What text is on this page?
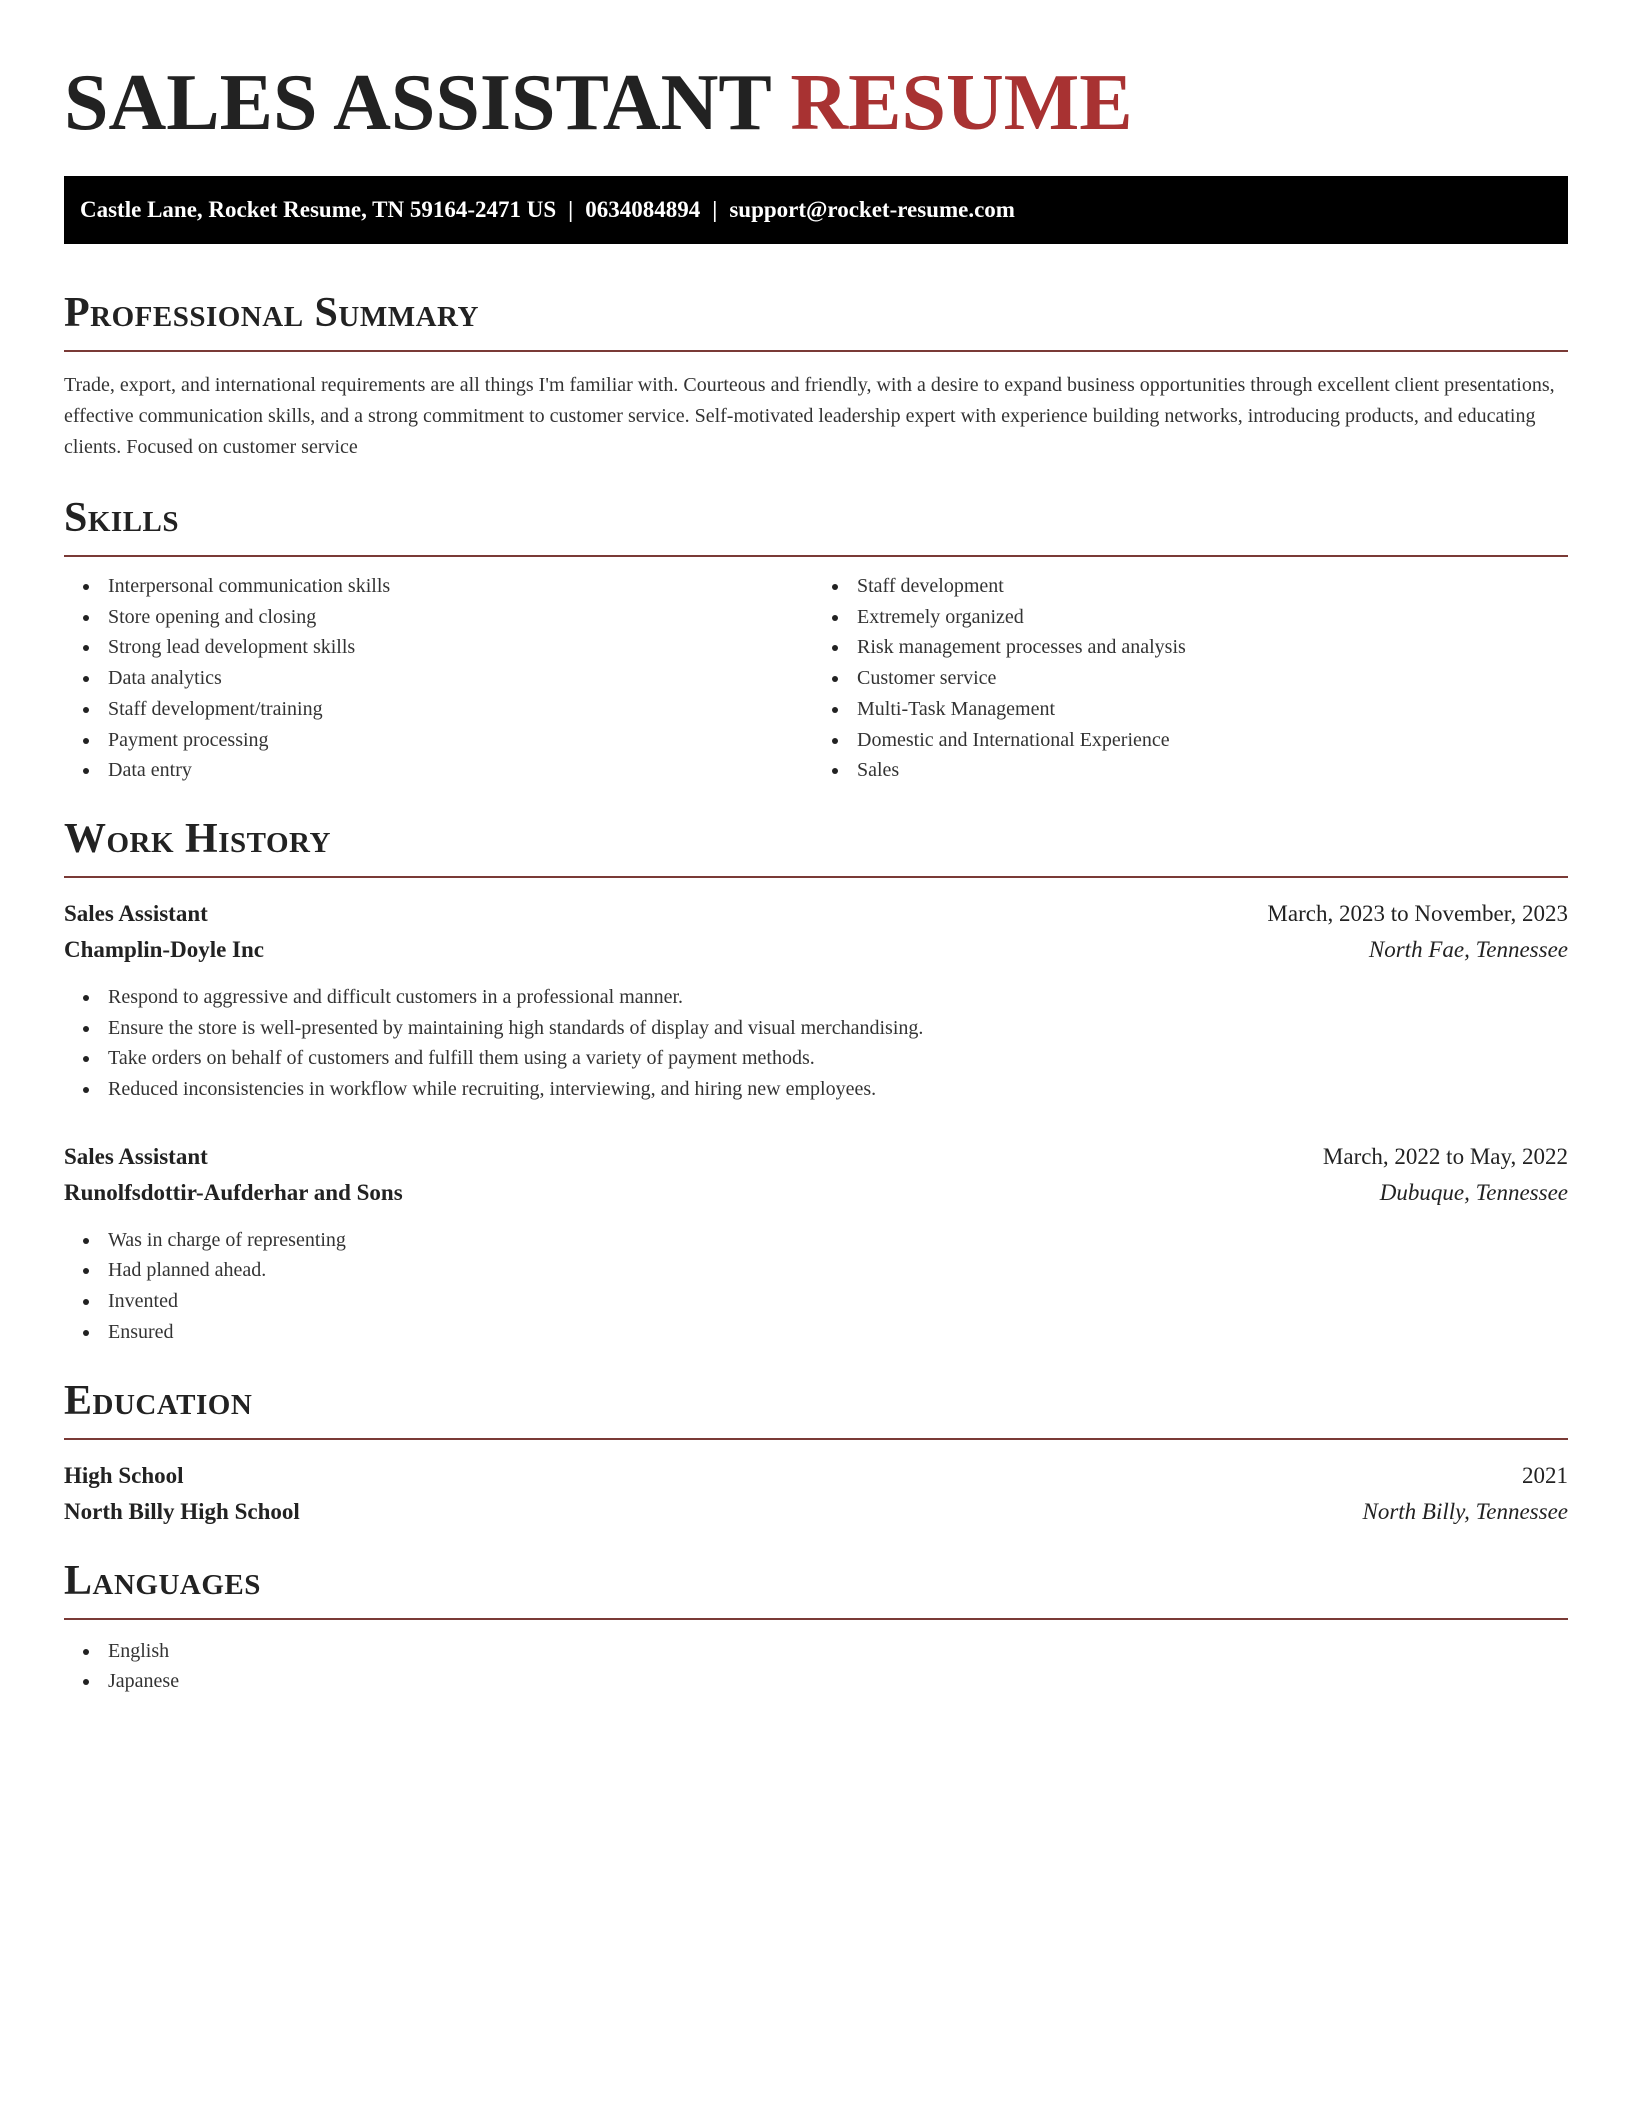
SALES ASSISTANT RESUME
Castle Lane, Rocket Resume, TN 59164-2471 US | 0634084894 | support@rocket-resume.com
Professional Summary

Trade, export, and international requirements are all things I'm familiar with. Courteous and friendly, with a desire to expand business opportunities through excellent client presentations, effective communication skills, and a strong commitment to customer service. Self-motivated leadership expert with experience building networks, introducing products, and educating clients. Focused on customer service

Skills
Interpersonal communication skills
Store opening and closing
Strong lead development skills
Data analytics
Staff development/training
Payment processing
Data entry
Staff development
Extremely organized
Risk management processes and analysis
Customer service
Multi-Task Management
Domestic and International Experience
Sales
Work History
Sales Assistant	March, 2023 to November, 2023
Champlin-Doyle Inc	North Fae, Tennessee
Respond to aggressive and difficult customers in a professional manner.
Ensure the store is well-presented by maintaining high standards of display and visual merchandising.
Take orders on behalf of customers and fulfill them using a variety of payment methods.
Reduced inconsistencies in workflow while recruiting, interviewing, and hiring new employees.
Sales Assistant	March, 2022 to May, 2022
Runolfsdottir-Aufderhar and Sons	Dubuque, Tennessee
Was in charge of representing
Had planned ahead.
Invented
Ensured
Education
High School	2021
North Billy High School	North Billy, Tennessee
Languages
English
Japanese
